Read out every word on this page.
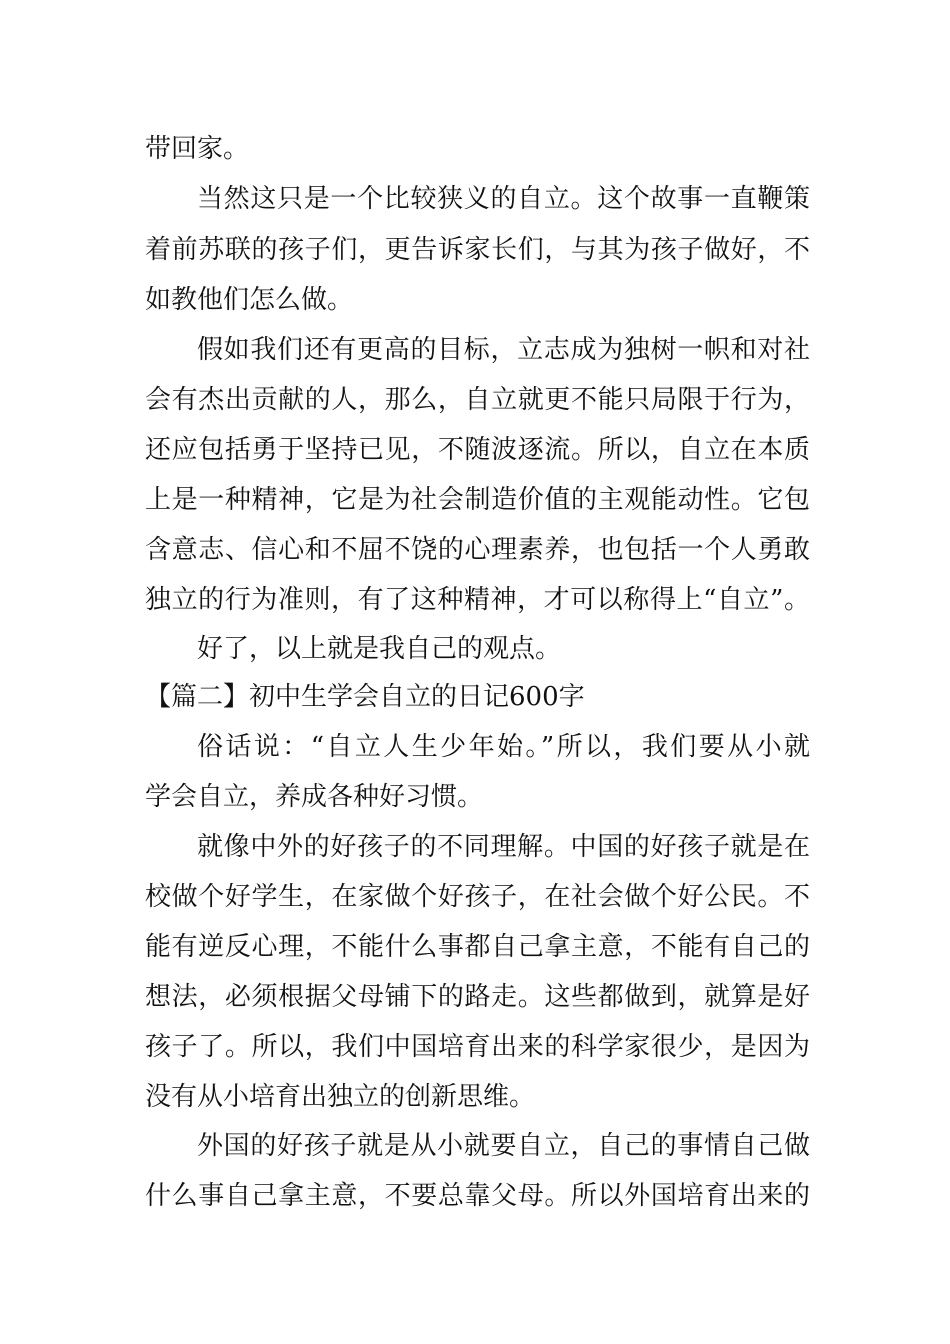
带回家。

当然这只是一个比较狭义的自立。这个故事一直鞭策

着前苏联的孩子们，更告诉家长们，与其为孩子做好，不

如教他们怎么做。

假如我们还有更高的目标，立志成为独树一帜和对社

会有杰出贡献的人，那么，自立就更不能只局限于行为，

还应包括勇于坚持已见，不随波逐流。所以，自立在本质

上是一种精神，它是为社会制造价值的主观能动性。它包

含意志、信心和不屈不饶的心理素养，也包括一个人勇敢

独立的行为准则，有了这种精神，才可以称得上“自立”。

好了，以上就是我自己的观点。

【篇二】初中生学会自立的日记600字

俗话说：“自立人生少年始。”所以，我们要从小就

学会自立，养成各种好习惯。

就像中外的好孩子的不同理解。中国的好孩子就是在

校做个好学生，在家做个好孩子，在社会做个好公民。不

能有逆反心理，不能什么事都自己拿主意，不能有自己的

想法，必须根据父母铺下的路走。这些都做到，就算是好

孩子了。所以，我们中国培育出来的科学家很少，是因为

没有从小培育出独立的创新思维。

外国的好孩子就是从小就要自立，自己的事情自己做

什么事自己拿主意，不要总靠父母。所以外国培育出来的
